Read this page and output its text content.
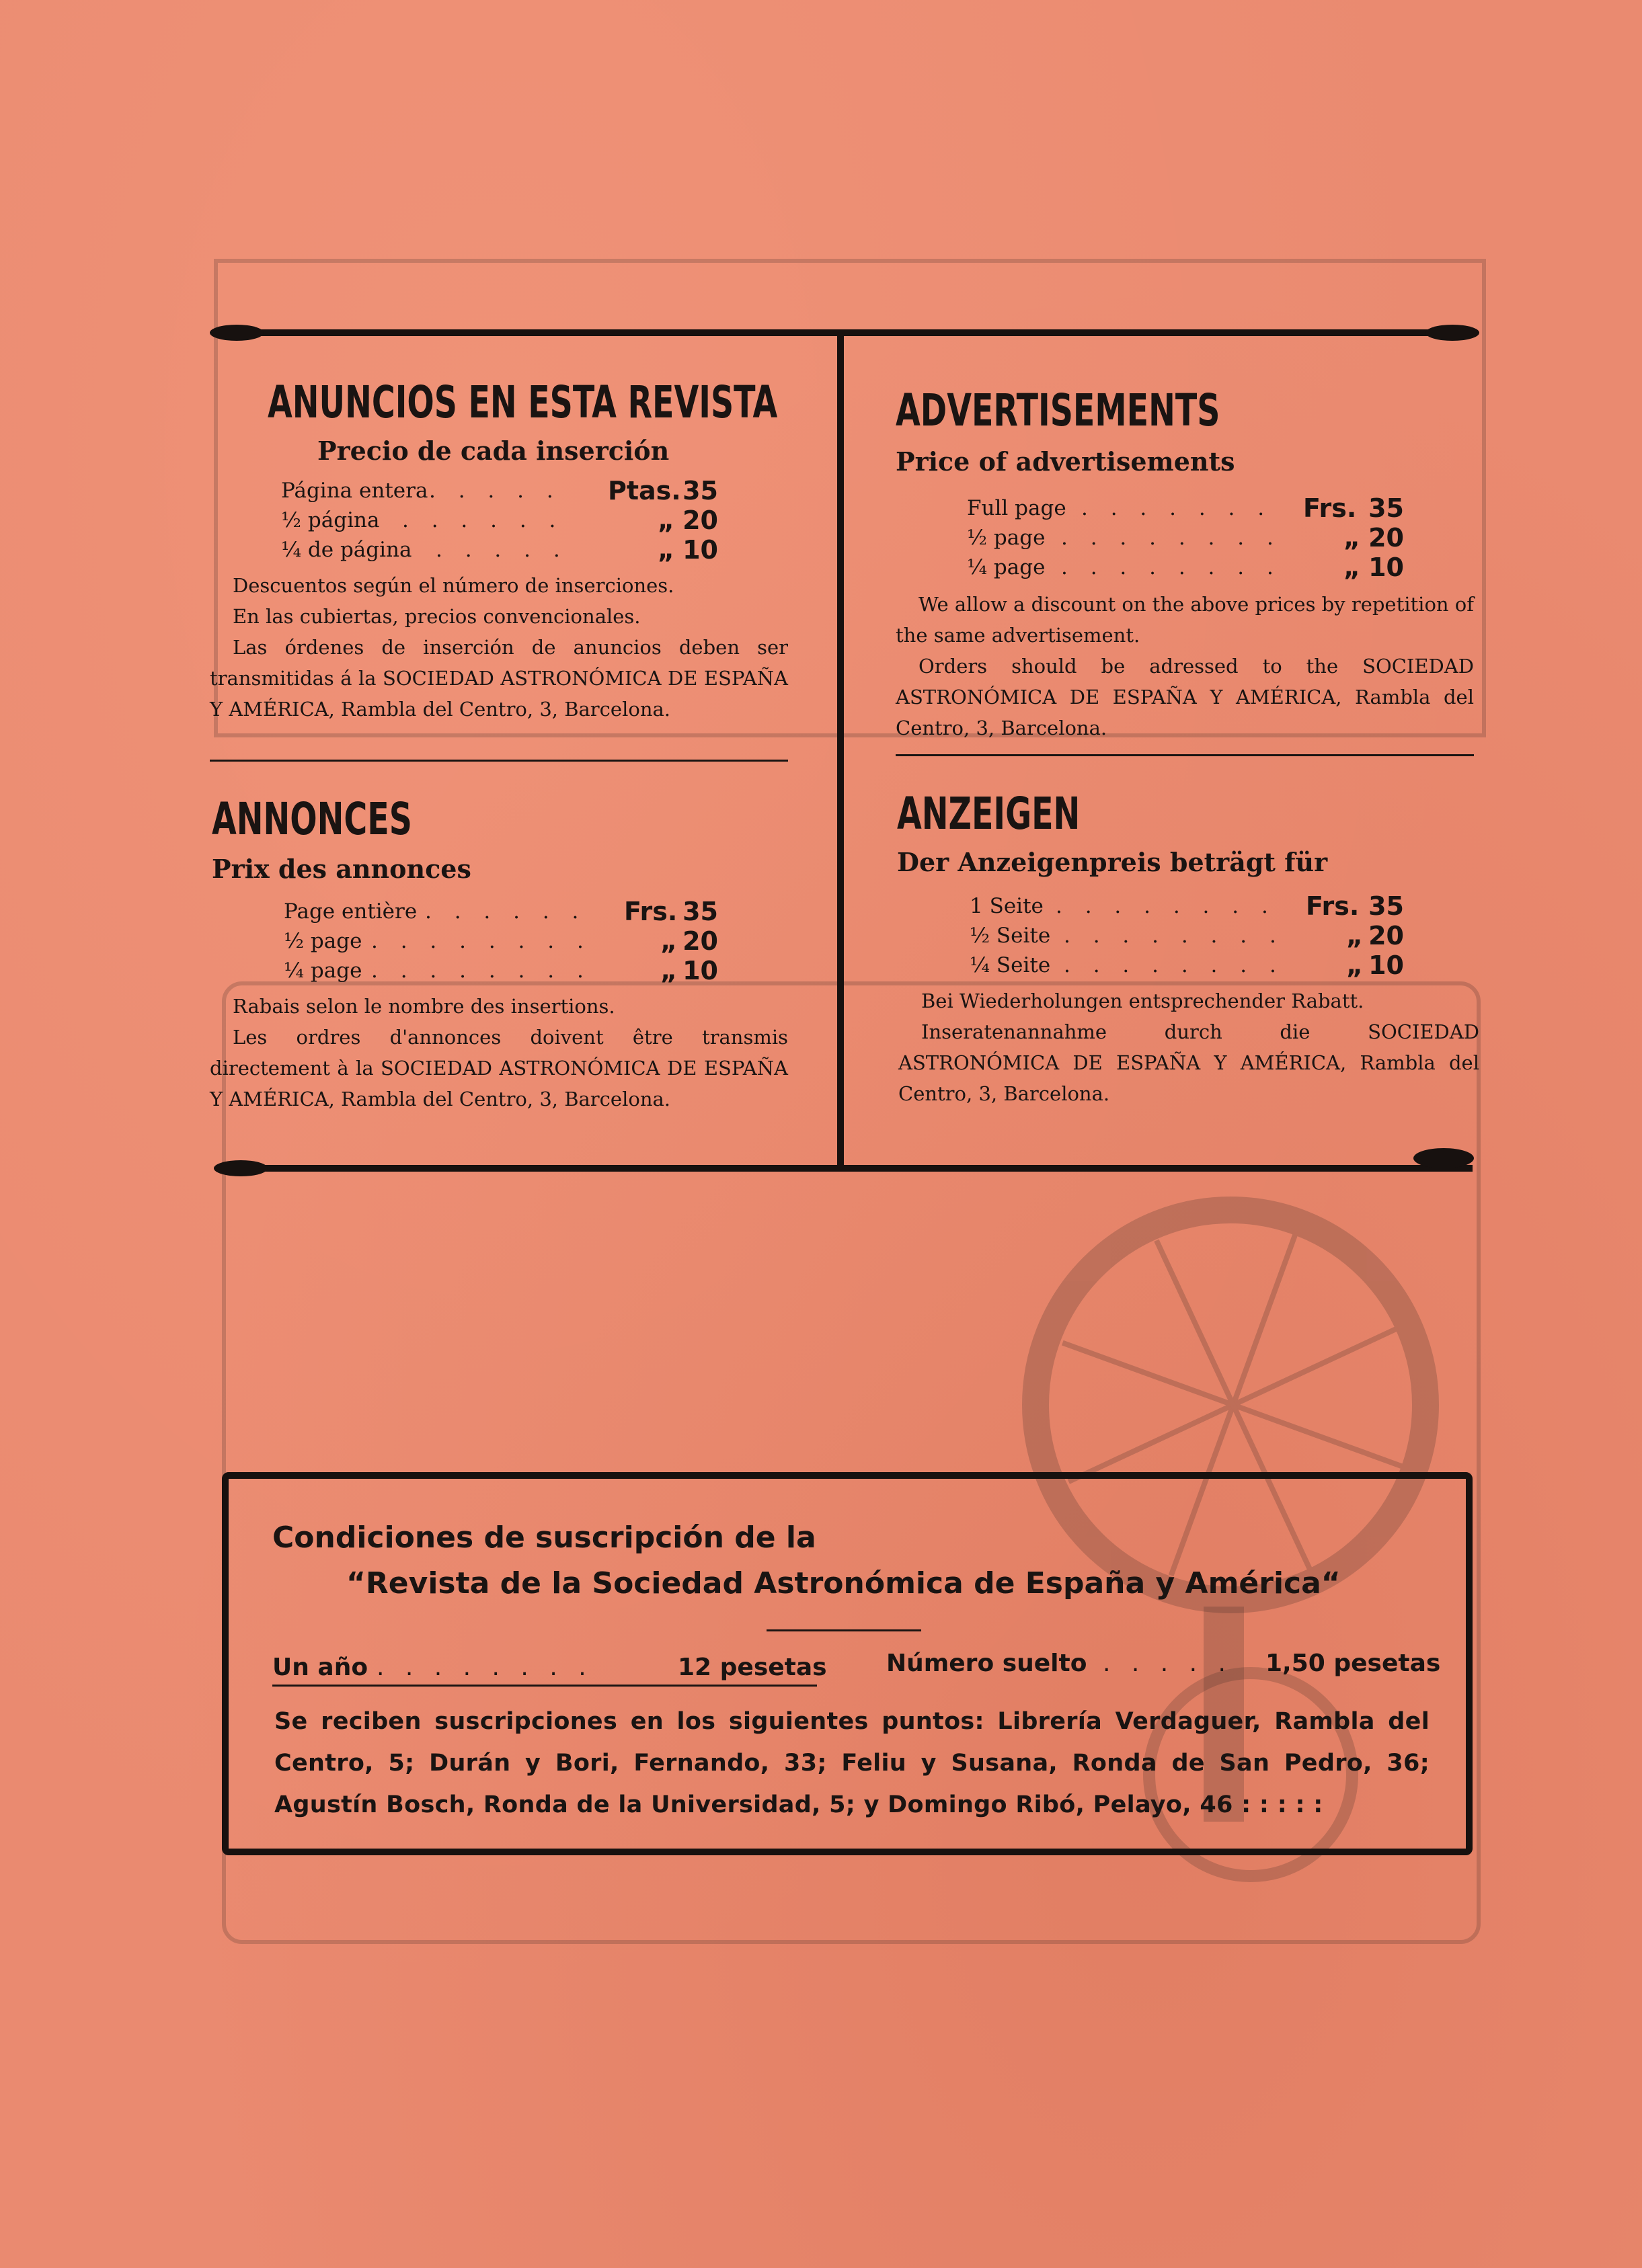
ANUNCIOS EN ESTA REVISTA
Precio de cada inserción
Página entera . . . . . Ptas. 35
½ página . . . . . .	„ 20
¼ de página . . . . .	„ 10

Descuentos según el número de inserciones.

En las cubiertas, precios convencionales.

Las órdenes de inserción de anuncios deben ser transmitidas á la SOCIEDAD ASTRONÓMICA DE ESPAÑA Y AMÉRICA, Rambla del Centro, 3, Barcelona.

ADVERTISEMENTS
Price of advertisements
Full page . . . . . . . Frs. 35
½ page . . . . . . . . „ 20
¼ page . . . . . . . . „ 10

We allow a discount on the above prices by repetition of the same advertisement.

Orders should be adressed to the SOCIEDAD ASTRONÓMICA DE ESPAÑA Y AMÉRICA, Rambla del Centro, 3, Barcelona.

ANNONCES
Prix des annonces
Page entière . . . . . . Frs. 35
½ page . . . . . . . .	„ 20
¼ page . . . . . . . .	„ 10

Rabais selon le nombre des insertions.

Les ordres d'annonces doivent être transmis directement à la SOCIEDAD ASTRONÓMICA DE ESPAÑA Y AMÉRICA, Rambla del Centro, 3, Barcelona.

ANZEIGEN
Der Anzeigenpreis beträgt für
1 Seite . . . . . . . . Frs. 35
½ Seite . . . . . . . . „ 20
¼ Seite . . . . . . . . „ 10

Bei Wiederholungen entsprechender Rabatt.

Inseratenannahme durch die SOCIEDAD ASTRONÓMICA DE ESPAÑA Y AMÉRICA, Rambla del Centro, 3, Barcelona.

Condiciones de suscripción de la
“Revista de la Sociedad Astronómica de España y América“
Un año . . . . . . . .	12 pesetas Número suelto . . . . . 1,50 pesetas
Se reciben suscripciones en los siguientes puntos: Librería Verdaguer, Rambla del Centro, 5; Durán y Bori, Fernando, 33; Feliu y Susana, Ronda de San Pedro, 36; Agustín Bosch, Ronda de la Universidad, 5; y Domingo Ribó, Pelayo, 46 : : : : :
